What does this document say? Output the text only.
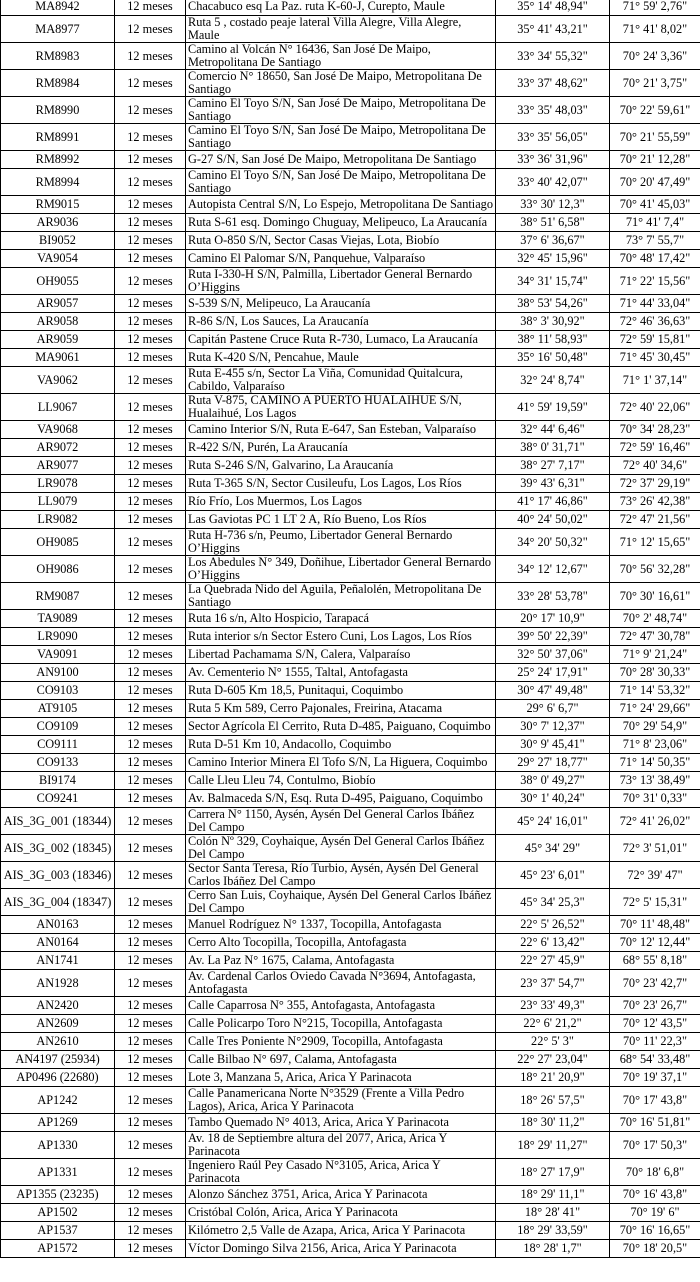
MA8942	12 meses	Chacabuco esq La Paz. ruta K-60-J, Curepto, Maule	35° 14' 48,94"	71° 59' 2,76"
MA8977	12 meses	Ruta 5 , costado peaje lateral Villa Alegre, Villa Alegre, Maule	35° 41' 43,21"	71° 41' 8,02"
RM8983	12 meses	Camino al Volcán N° 16436, San José De Maipo, Metropolitana De Santiago	33° 34' 55,32"	70° 24' 3,36"
RM8984	12 meses	Comercio N° 18650, San José De Maipo, Metropolitana De Santiago	33° 37' 48,62"	70° 21' 3,75"
RM8990	12 meses	Camino El Toyo S/N, San José De Maipo, Metropolitana De Santiago	33° 35' 48,03"	70° 22' 59,61"
RM8991	12 meses	Camino El Toyo S/N, San José De Maipo, Metropolitana De Santiago	33° 35' 56,05"	70° 21' 55,59"
RM8992	12 meses	G-27 S/N, San José De Maipo, Metropolitana De Santiago	33° 36' 31,96"	70° 21' 12,28"
RM8994	12 meses	Camino El Toyo S/N, San José De Maipo, Metropolitana De Santiago	33° 40' 42,07"	70° 20' 47,49"
RM9015	12 meses	Autopista Central S/N, Lo Espejo, Metropolitana De Santiago	33° 30' 12,3"	70° 41' 45,03"
AR9036	12 meses	Ruta S-61 esq. Domingo Chuguay, Melipeuco, La Araucanía	38° 51' 6,58"	71° 41' 7,4"
BI9052	12 meses	Ruta O-850 S/N, Sector Casas Viejas, Lota, Biobío	37° 6' 36,67"	73° 7' 55,7"
VA9054	12 meses	Camino El Palomar S/N, Panquehue, Valparaíso	32° 45' 15,96"	70° 48' 17,42"
OH9055	12 meses	Ruta I-330-H S/N, Palmilla, Libertador General Bernardo O’Higgins	34° 31' 15,74"	71° 22' 15,56"
AR9057	12 meses	S-539 S/N, Melipeuco, La Araucanía	38° 53' 54,26"	71° 44' 33,04"
AR9058	12 meses	R-86 S/N, Los Sauces, La Araucanía	38° 3' 30,92"	72° 46' 36,63"
AR9059	12 meses	Capitán Pastene Cruce Ruta R-730, Lumaco, La Araucanía	38° 11' 58,93"	72° 59' 15,81"
MA9061	12 meses	Ruta K-420 S/N, Pencahue, Maule	35° 16' 50,48"	71° 45' 30,45"
VA9062	12 meses	Ruta E-455 s/n, Sector La Viña, Comunidad Quitalcura, Cabildo, Valparaíso	32° 24' 8,74"	71° 1' 37,14"
LL9067	12 meses	Ruta V-875, CAMINO A PUERTO HUALAIHUE S/N, Hualaihué, Los Lagos	41° 59' 19,59"	72° 40' 22,06"
VA9068	12 meses	Camino Interior S/N, Ruta E-647, San Esteban, Valparaíso	32° 44' 6,46"	70° 34' 28,23"
AR9072	12 meses	R-422 S/N, Purén, La Araucanía	38° 0' 31,71"	72° 59' 16,46"
AR9077	12 meses	Ruta S-246 S/N, Galvarino, La Araucanía	38° 27' 7,17"	72° 40' 34,6"
LR9078	12 meses	Ruta T-365 S/N, Sector Cusileufu, Los Lagos, Los Ríos	39° 43' 6,31"	72° 37' 29,19"
LL9079	12 meses	Río Frío, Los Muermos, Los Lagos	41° 17' 46,86"	73° 26' 42,38"
LR9082	12 meses	Las Gaviotas PC 1 LT 2 A, Río Bueno, Los Ríos	40° 24' 50,02"	72° 47' 21,56"
OH9085	12 meses	Ruta H-736 s/n, Peumo, Libertador General Bernardo O’Higgins	34° 20' 50,32"	71° 12' 15,65"
OH9086	12 meses	Los Abedules N° 349, Doñihue, Libertador General Bernardo O’Higgins	34° 12' 12,67"	70° 56' 32,28"
RM9087	12 meses	La Quebrada Nido del Aguila, Peñalolén, Metropolitana De Santiago	33° 28' 53,78"	70° 30' 16,61"
TA9089	12 meses	Ruta 16 s/n, Alto Hospicio, Tarapacá	20° 17' 10,9"	70° 2' 48,74"
LR9090	12 meses	Ruta interior s/n Sector Estero Cuni, Los Lagos, Los Ríos	39° 50' 22,39"	72° 47' 30,78"
VA9091	12 meses	Libertad Pachamama S/N, Calera, Valparaíso	32° 50' 37,06"	71° 9' 21,24"
AN9100	12 meses	Av. Cementerio N° 1555, Taltal, Antofagasta	25° 24' 17,91"	70° 28' 30,33"
CO9103	12 meses	Ruta D-605 Km 18,5, Punitaqui, Coquimbo	30° 47' 49,48"	71° 14' 53,32"
AT9105	12 meses	Ruta 5 Km 589, Cerro Pajonales, Freirina, Atacama	29° 6' 6,7"	71° 24' 29,66"
CO9109	12 meses	Sector Agrícola El Cerrito, Ruta D-485, Paiguano, Coquimbo	30° 7' 12,37"	70° 29' 54,9"
CO9111	12 meses	Ruta D-51 Km 10, Andacollo, Coquimbo	30° 9' 45,41"	71° 8' 23,06"
CO9133	12 meses	Camino Interior Minera El Tofo S/N, La Higuera, Coquimbo	29° 27' 18,77"	71° 14' 50,35"
BI9174	12 meses	Calle Lleu Lleu 74, Contulmo, Biobío	38° 0' 49,27"	73° 13' 38,49"
CO9241	12 meses	Av. Balmaceda S/N, Esq. Ruta D-495, Paiguano, Coquimbo	30° 1' 40,24"	70° 31' 0,33"
AIS_3G_001 (18344)	12 meses	Carrera N° 1150, Aysén, Aysén Del General Carlos Ibáñez Del Campo	45° 24' 16,01"	72° 41' 26,02"
AIS_3G_002 (18345)	12 meses	Colón Nº 329, Coyhaique, Aysén Del General Carlos Ibáñez Del Campo	45° 34' 29"	72° 3' 51,01"
AIS_3G_003 (18346)	12 meses	Sector Santa Teresa, Río Turbio, Aysén, Aysén Del General Carlos Ibáñez Del Campo	45° 23' 6,01"	72° 39' 47"
AIS_3G_004 (18347)	12 meses	Cerro San Luis, Coyhaique, Aysén Del General Carlos Ibáñez Del Campo	45° 34' 25,3"	72° 5' 15,31"
AN0163	12 meses	Manuel Rodríguez N° 1337, Tocopilla, Antofagasta	22° 5' 26,52"	70° 11' 48,48"
AN0164	12 meses	Cerro Alto Tocopilla, Tocopilla, Antofagasta	22° 6' 13,42"	70° 12' 12,44"
AN1741	12 meses	Av. La Paz N° 1675, Calama, Antofagasta	22° 27' 45,9"	68° 55' 8,18"
AN1928	12 meses	Av. Cardenal Carlos Oviedo Cavada N°3694, Antofagasta, Antofagasta	23° 37' 54,7"	70° 23' 42,7"
AN2420	12 meses	Calle Caparrosa N° 355, Antofagasta, Antofagasta	23° 33' 49,3"	70° 23' 26,7"
AN2609	12 meses	Calle Policarpo Toro N°215, Tocopilla, Antofagasta	22° 6' 21,2"	70° 12' 43,5"
AN2610	12 meses	Calle Tres Poniente N°2909, Tocopilla, Antofagasta	22° 5' 3"	70° 11' 22,3"
AN4197 (25934)	12 meses	Calle Bilbao N° 697, Calama, Antofagasta	22° 27' 23,04"	68° 54' 33,48"
AP0496 (22680)	12 meses	Lote 3, Manzana 5, Arica, Arica Y Parinacota	18° 21' 20,9"	70° 19' 37,1"
AP1242	12 meses	Calle Panamericana Norte N°3529 (Frente a Villa Pedro Lagos), Arica, Arica Y Parinacota	18° 26' 57,5"	70° 17' 43,8"
AP1269	12 meses	Tambo Quemado N° 4013, Arica, Arica Y Parinacota	18° 30' 11,2"	70° 16' 51,81"
AP1330	12 meses	Av. 18 de Septiembre altura del 2077, Arica, Arica Y Parinacota	18° 29' 11,27"	70° 17' 50,3"
AP1331	12 meses	Ingeniero Raúl Pey Casado N°3105, Arica, Arica Y Parinacota	18° 27' 17,9"	70° 18' 6,8"
AP1355 (23235)	12 meses	Alonzo Sánchez 3751, Arica, Arica Y Parinacota	18° 29' 11,1"	70° 16' 43,8"
AP1502	12 meses	Cristóbal Colón, Arica, Arica Y Parinacota	18° 28' 41"	70° 19' 6"
AP1537	12 meses	Kilómetro 2,5 Valle de Azapa, Arica, Arica Y Parinacota	18° 29' 33,59"	70° 16' 16,65"
AP1572	12 meses	Víctor Domingo Silva 2156, Arica, Arica Y Parinacota	18° 28' 1,7"	70° 18' 20,5"
